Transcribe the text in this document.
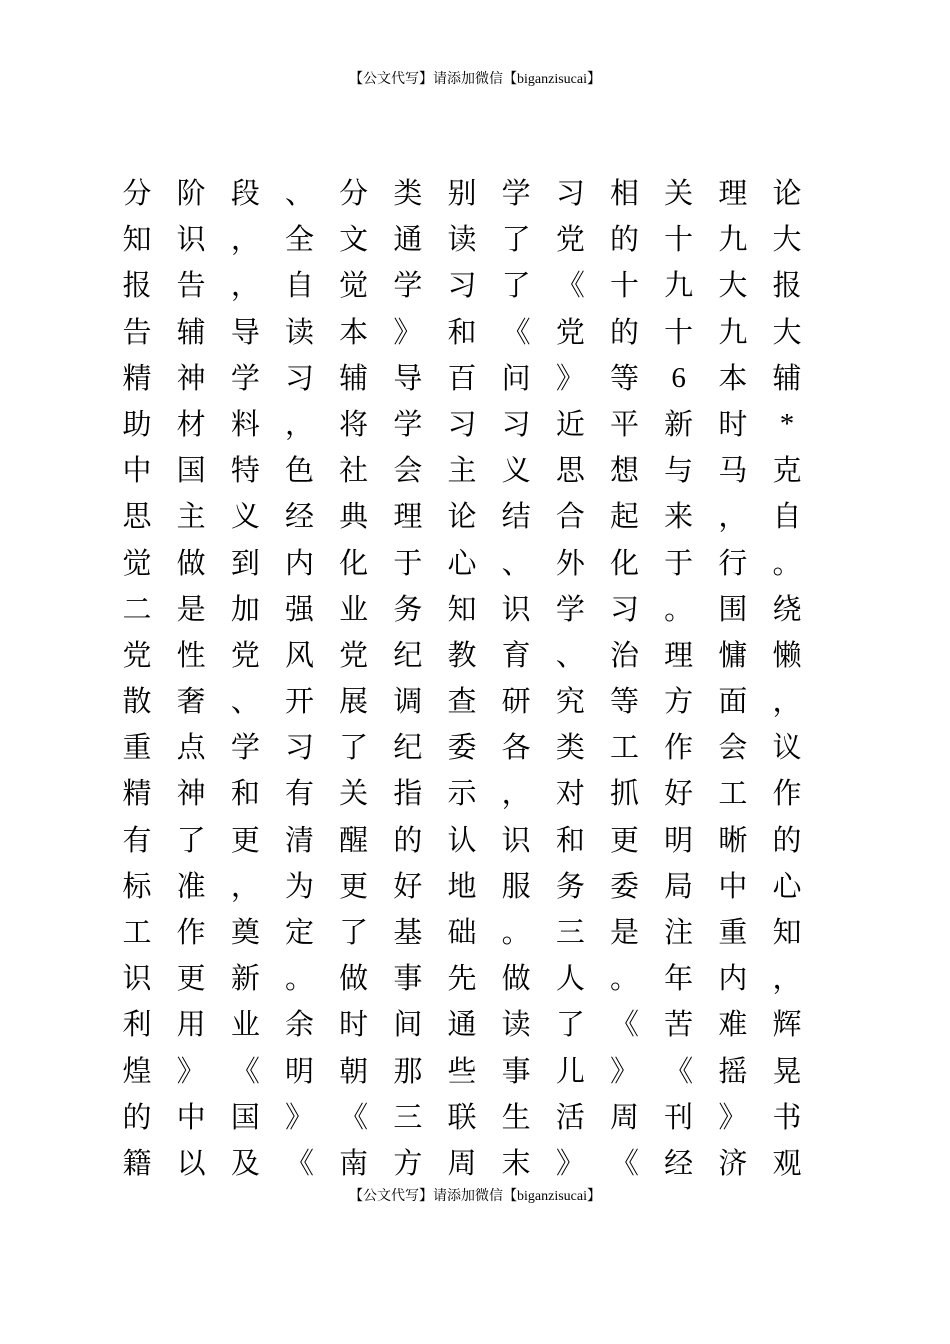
【公文代写】请添加微信【biganzisucai】
分 阶 段 、 分 类 别 学 习 相 关 理 论
知 识 ， 全 文 通 读 了 党 的 十 九 大
报 告 ， 自 觉 学 习 了 《 十 九 大 报
告 辅 导 读 本 》 和 《 党 的 十 九 大
精 神 学 习 辅 导 百 问 》 等	6	本 辅
助 材 料 ， 将 学 习 习 近 平 新 时	*
中 国 特 色 社 会 主 义 思 想 与 马 克
思 主 义 经 典 理 论 结 合 起 来 ， 自
觉 做 到 内 化 于 心 、 外 化 于 行 。
二 是 加 强 业 务 知 识 学 习 。 围 绕
党 性 党 风 党 纪 教 育 、 治 理 慵 懒
散 奢 、 开 展 调 查 研 究 等 方 面 ，
重 点 学 习 了 纪 委 各 类 工 作 会 议
精 神 和 有 关 指 示 ， 对 抓 好 工 作
有 了 更 清 醒 的 认 识 和 更 明 晰 的
标 准 ， 为 更 好 地 服 务 委 局 中 心
工 作 奠 定 了 基 础 。 三 是 注 重 知
识 更 新 。 做 事 先 做 人 。 年 内 ，
利 用 业 余 时 间 通 读 了 《 苦 难 辉
煌 》 《 明 朝 那 些 事 儿 》 《 摇 晃
的 中 国 》 《 三 联 生 活 周 刊 》 书
籍 以 及 《 南 方 周 末 》 《 经 济 观
【公文代写】请添加微信【biganzisucai】
